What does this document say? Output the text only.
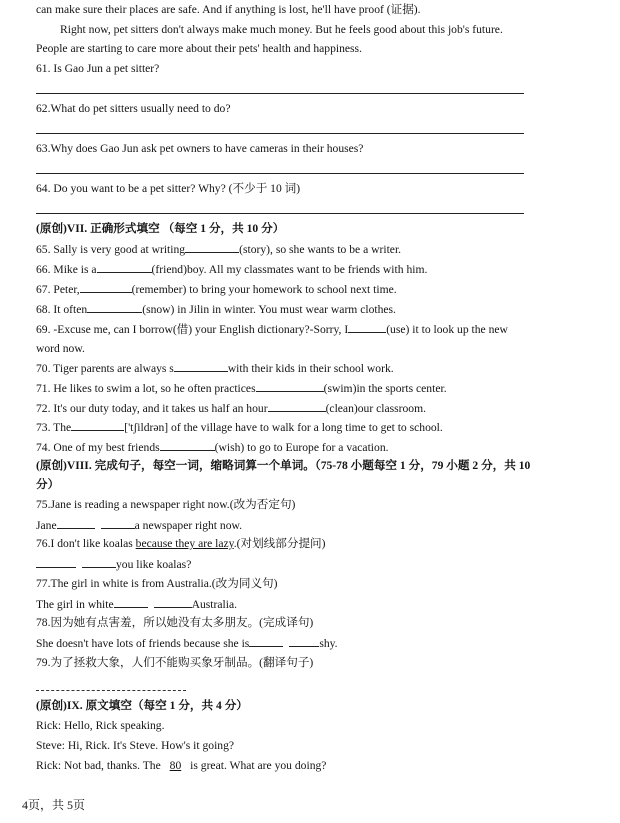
can make sure their places are safe. And if anything is lost, he'll have proof (证据).
Right now, pet sitters don't always make much money. But he feels good about this job's future.
People are starting to care more about their pets' health and happiness.
61. Is Gao Jun a pet sitter?
62.What do pet sitters usually need to do?
63.Why does Gao Jun ask pet owners to have cameras in their houses?
64. Do you want to be a pet sitter? Why? (不少于 10 词)
(原创)VII. 正确形式填空 （每空 1 分，共 10 分）
65. Sally is very good at writing	(story), so she wants to be a writer.
66. Mike is a	(friend)boy. All my classmates want to be friends with him.
67. Peter,	(remember) to bring your homework to school next time.
68. It often	(snow) in Jilin in winter. You must wear warm clothes.
69. -Excuse me, can I borrow(借) your English dictionary?-Sorry, I	(use) it to look up the new
word now.
70. Tiger parents are always s	with their kids in their school work.
71. He likes to swim a lot, so he often practices	(swim)in the sports center.
72. It's our duty today, and it takes us half an hour	(clean)our classroom.
73. The	['tʃildrən] of the village have to walk for a long time to get to school.
74. One of my best friends	(wish) to go to Europe for a vacation.
(原创)VIII. 完成句子，每空一词，缩略词算一个单词。（75-78 小题每空 1 分，79 小题 2 分，共 10
分）
75.Jane is reading a newspaper right now.(改为否定句)
Jane	a newspaper right now.
76.I don't like koalas because they are lazy.(对划线部分提问)
you like koalas?
77.The girl in white is from Australia.(改为同义句)
The girl in white	Australia.
78.因为她有点害羞，所以她没有太多朋友。(完成译句)
She doesn't have lots of friends because she is	shy.
79.为了拯救大象，人们不能购买象牙制品。(翻译句子)
(原创)IX. 原文填空（每空 1 分，共 4 分）
Rick: Hello, Rick speaking.
Steve: Hi, Rick. It's Steve. How's it going?
Rick: Not bad, thanks. The 80 is great. What are you doing?
4页，共 5页
